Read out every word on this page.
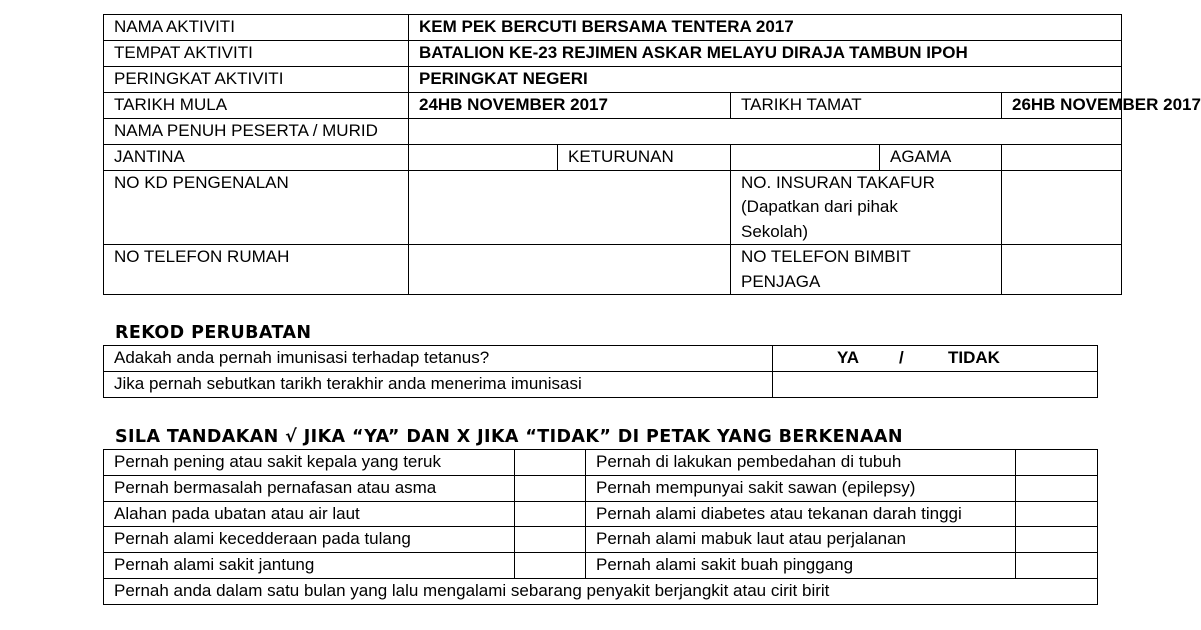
NAMA AKTIVITI	KEM PEK BERCUTI BERSAMA TENTERA 2017				
TEMPAT AKTIVITI	BATALION KE-23 REJIMEN ASKAR MELAYU DIRAJA TAMBUN IPOH				
PERINGKAT AKTIVITI	PERINGKAT NEGERI				
TARIKH MULA	24HB NOVEMBER 2017		TARIKH TAMAT		26HB NOVEMBER 2017
NAMA PENUH PESERTA / MURID					
JANTINA		KETURUNAN		AGAMA	
NO KD PENGENALAN			NO. INSURAN TAKAFUR
(Dapatkan dari pihak
Sekolah)		

NO TELEFON RUMAH			NO TELEFON BIMBIT
PENJAGA		

REKOD PERUBATAN
Adakah anda pernah imunisasi terhadap tetanus?	YA / TIDAK
Jika pernah sebutkan tarikh terakhir anda menerima imunisasi	
SILA TANDAKAN √ JIKA “YA” DAN X JIKA “TIDAK” DI PETAK YANG BERKENAAN
Pernah pening atau sakit kepala yang teruk		Pernah di lakukan pembedahan di tubuh	
Pernah bermasalah pernafasan atau asma		Pernah mempunyai sakit sawan (epilepsy)	
Alahan pada ubatan atau air laut		Pernah alami diabetes atau tekanan darah tinggi	
Pernah alami kecedderaan pada tulang		Pernah alami mabuk laut atau perjalanan	
Pernah alami sakit jantung		Pernah alami sakit buah pinggang	
Pernah anda dalam satu bulan yang lalu mengalami sebarang penyakit berjangkit atau cirit birit			
